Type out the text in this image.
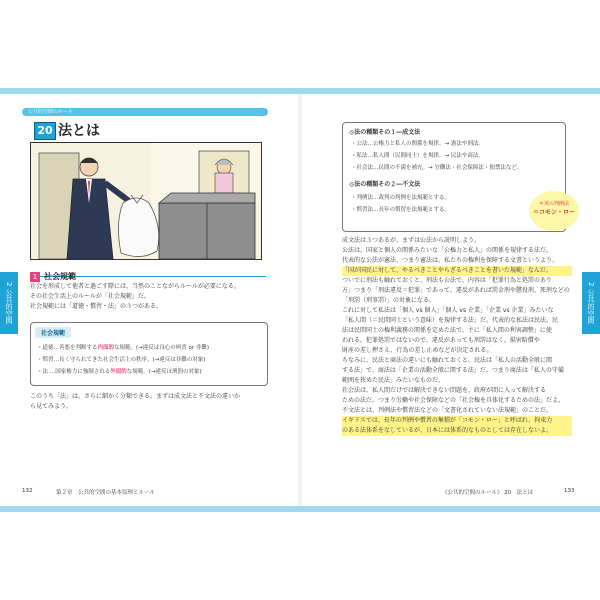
2 公共的空間
公共的空間のルール
20 法とは
1 社会規範
社会を形成して他者と過ごす際には、当然のことながらルールが必要になる。
その社会生活上のルールが「社会規範」だ。
社会規範には「道徳・慣習・法」の３つがある。
社会規範
・道徳…善悪を判断する内面的な規範。(→違反は良心の呵責 or 非難)
・慣習…長く守られてきた社会生活上の秩序。(→違反は非難の対象)
・法 …国家権力に強制される外面的な規範。(→違反は刑罰の対象)
このうち「法」は、さらに細かく分類できる。まずは成文法と不文法の違いか
ら見てみよう。
132	第２章　公共的空間の基本原理とルール
2 公共的空間
◎法の種類その１―成文法
・公法…公権力と私人の関係を規律。→ 憲法や刑法。
・私法…私人間（民間同士）を規律。→ 民法や商法。
・社会法…民間の不満を補充。→ 労働法・社会保障法・独禁法など。
◎法の種類その２―不文法
・判例法…裁判の判例を法規範とする。
・慣習法…長年の慣習を法規範とする。
＊英の判例法
＝コモン・ロー
成文法は３つあるが、まずは公法から説明しよう。
公法は、国家と個人の関係みたいな「公権力と私人」の関係を規律する法だ。
代表的な公法が憲法、つまり憲法は、私たちの権利を保障する文書というより、
「国が国民に対して、やるべきことやらざるべきことを書いた規範」なんだ。
ついでに刑法も触れておくと、刑法も公法で、内容は「犯罪行為と処罰のあり
方」つまり「刑法違反＝犯罪」であって、違反があれば罰金刑や懲役刑、死刑などの
「刑罰（刑事罰）」の対象になる。
これに対して私法は「個人 vs 個人」「個人 vs 企業」「企業 vs 企業」みたいな
「私人間（＝民間同士という意味）を規律する法」だ。代表的な私法は民法。民
法は民間同士の権利義務の関係を定めた法で、主に「私人間の利害調整」に使
われる。犯罪処罰ではないので、違反があっても刑罰はなく、損害賠償や
財産の差し押さえ、行為の差し止めなどが決定される。
ちなみに、民法と商法の違いにも触れておくと、民法は「私人の活動全般に関
する法」で、商法は「企業の活動全般に関する法」だ。つまり商法は「私人の守備
範囲を狭めた民法」みたいなものだ。
社会法は、私人間だけでは解決できない問題を、政府が間に入って解決する
ための法だ。つまり労働や社会保障などの「社会権を具体化するための法」だよ。
不文法とは、判例法や慣習法などの「文書化されていない法規範」のことだ。
イギリスでは、長年の判例や慣習の集積が「コモン・ロー」と呼ばれ、拘束力
のある法体系をなしているが、日本には体系的なものとしては存在しないよ。
《公共的空間のルール》 20　法とは	133
